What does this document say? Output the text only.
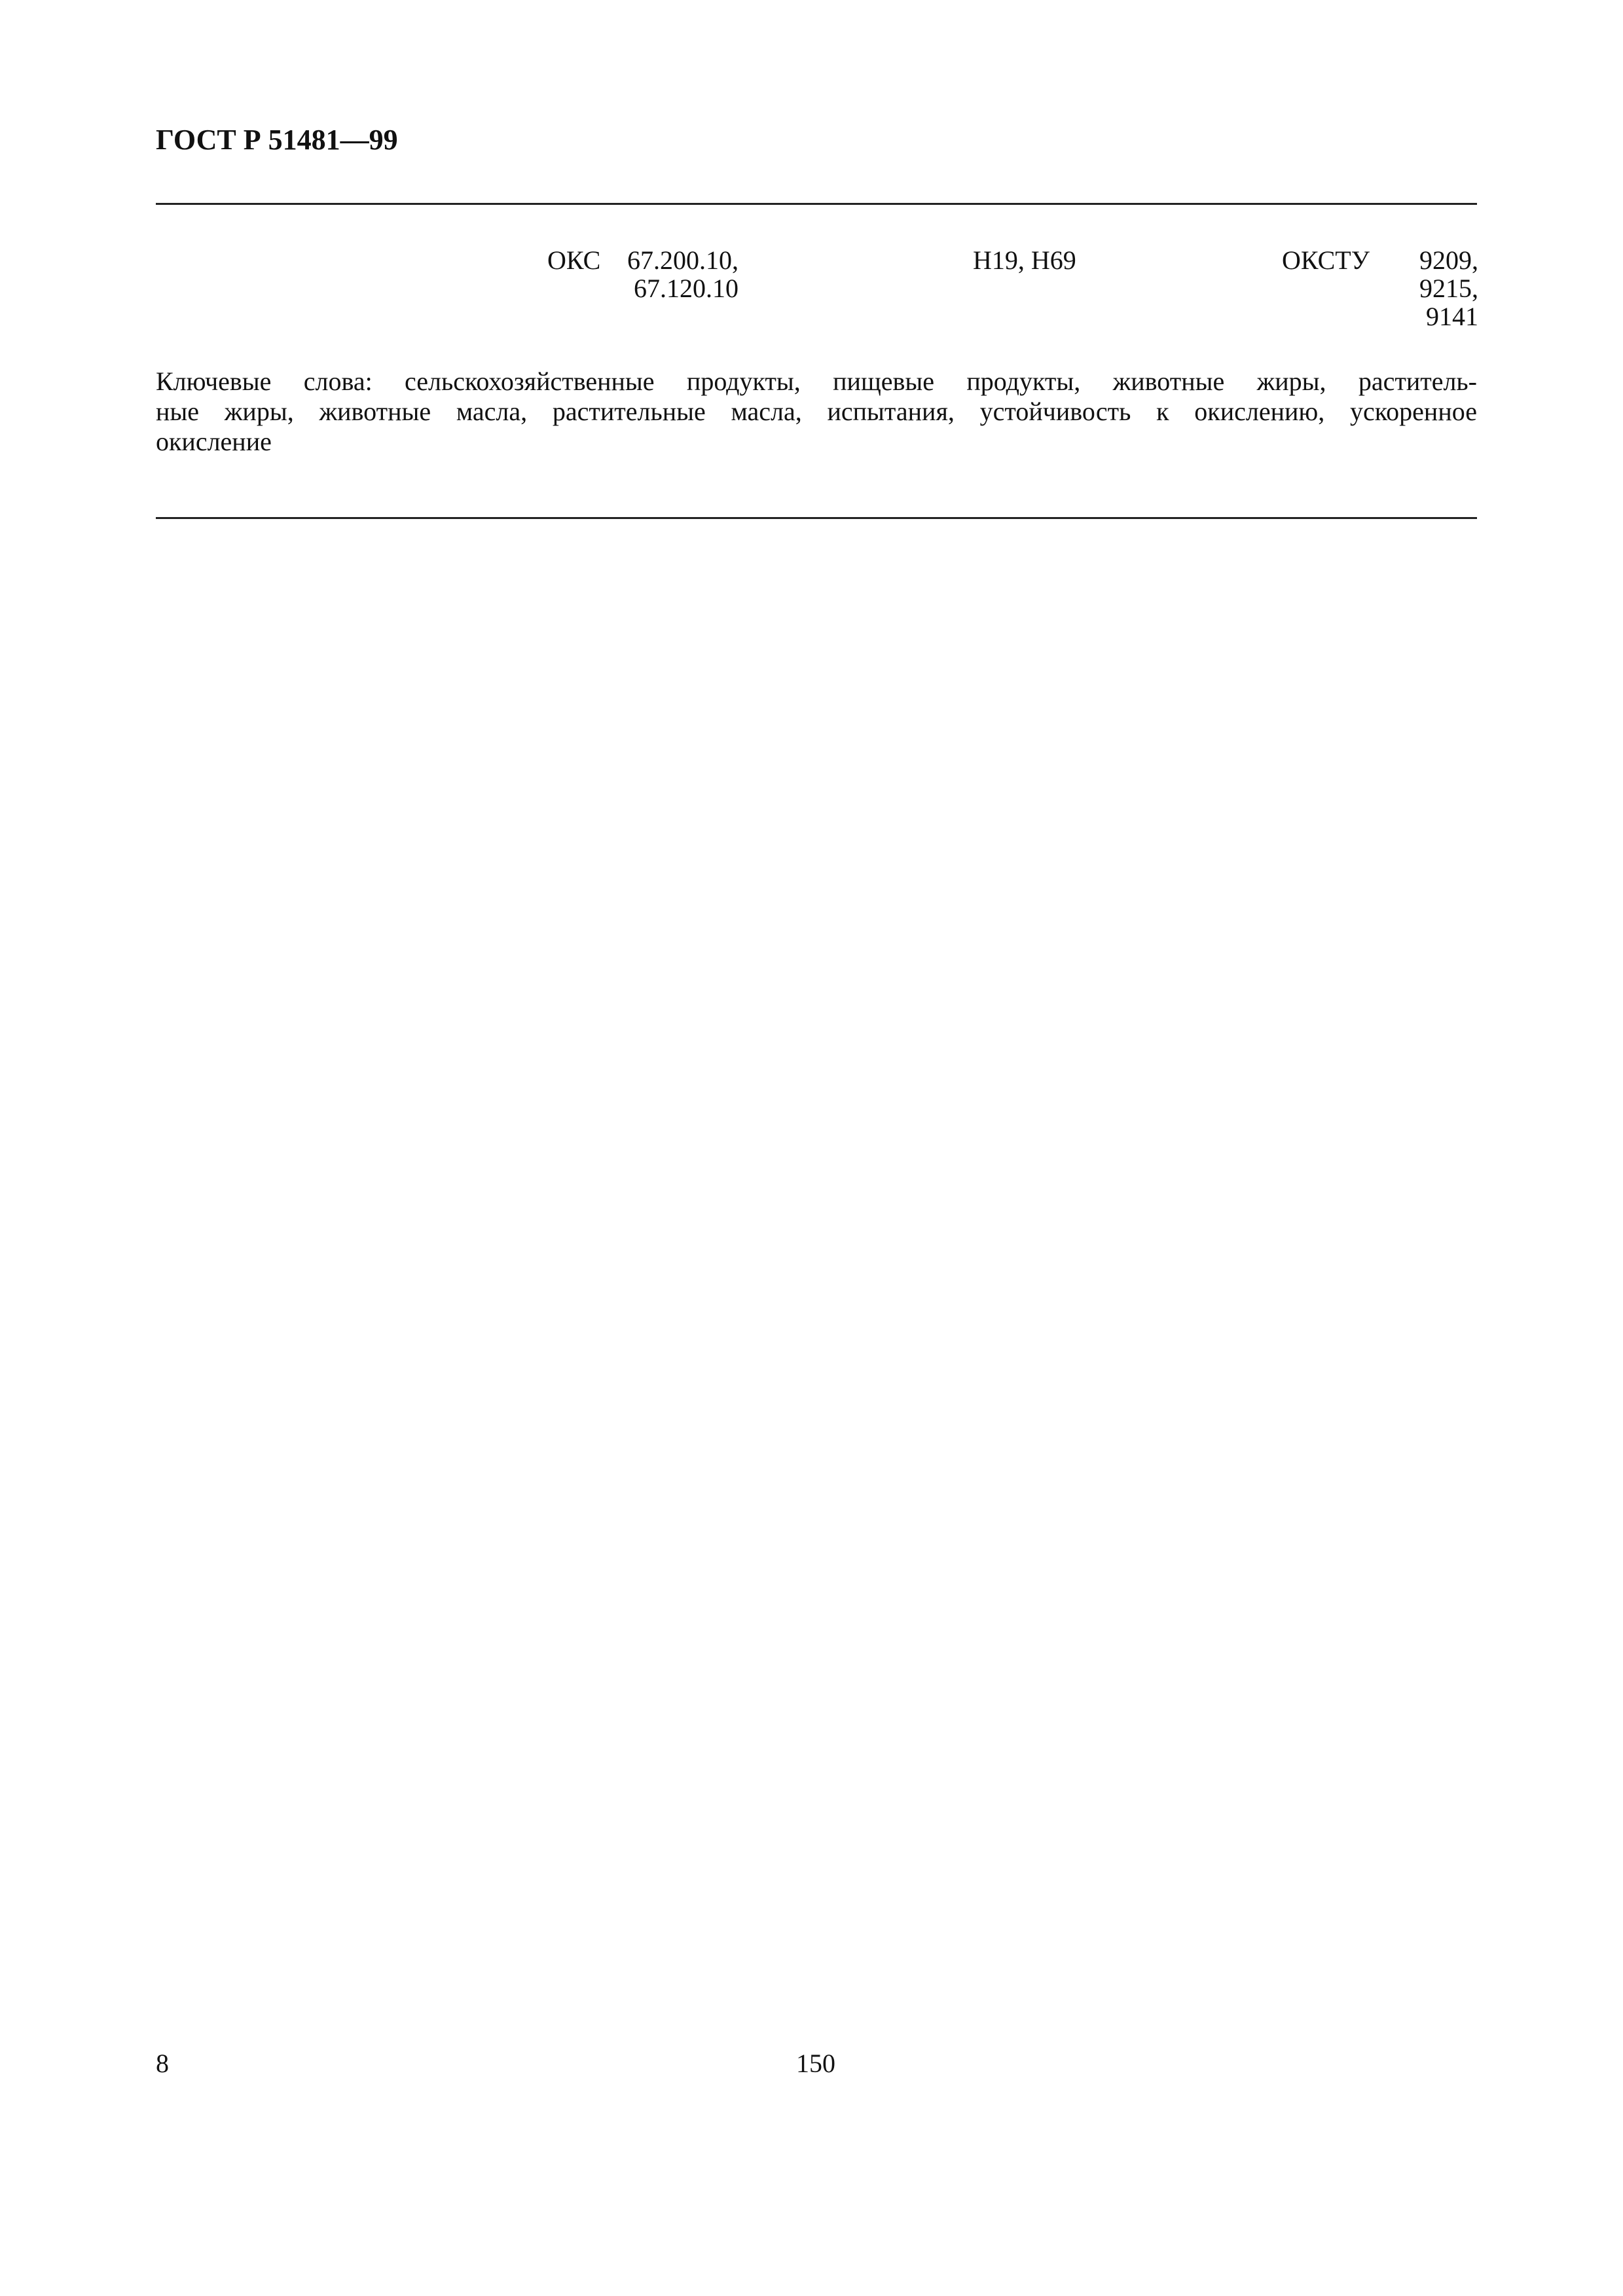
ГОСТ Р 51481—99
ОКС 67.200.10,
67.120.10
Н19, Н69	ОКСТУ 9209,
9215,
9141
Ключевые слова: сельскохозяйственные продукты, пищевые продукты, животные жиры, раститель-
ные жиры, животные масла, растительные масла, испытания, устойчивость к окислению, ускоренное
окисление
8	150
